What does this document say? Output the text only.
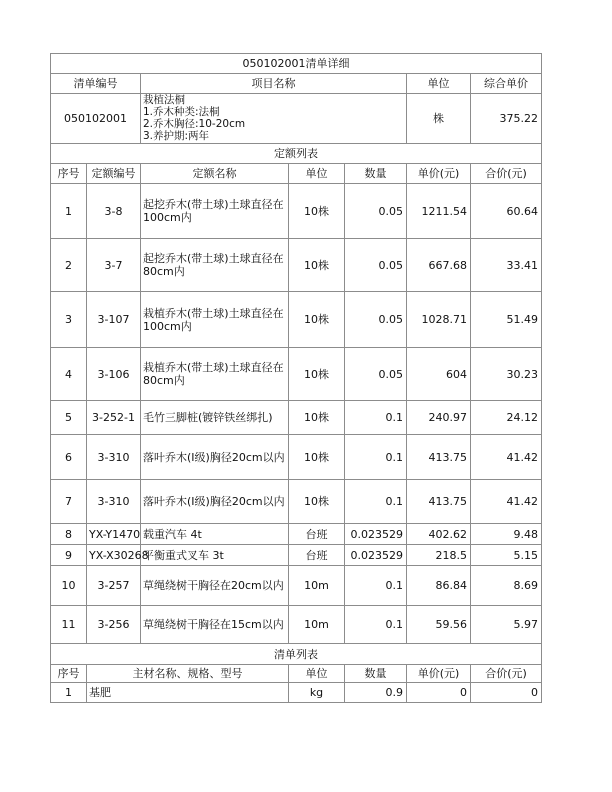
050102001清单详细						
清单编号		项目名称			单位	综合单价
050102001		栽植法桐
1.乔木种类:法桐
2.乔木胸径:10-20cm
3.养护期:两年			株	375.22
定额列表						
序号	定额编号	定额名称	单位	数量	单价(元)	合价(元)
1	3-8	起挖乔木(带土球)土球直径在100cm内	10株	0.05	1211.54	60.64
2	3-7	起挖乔木(带土球)土球直径在80cm内	10株	0.05	667.68	33.41
3	3-107	栽植乔木(带土球)土球直径在100cm内	10株	0.05	1028.71	51.49
4	3-106	栽植乔木(带土球)土球直径在80cm内	10株	0.05	604	30.23
5	3-252-1	毛竹三脚桩(镀锌铁丝绑扎)	10株	0.1	240.97	24.12
6	3-310	落叶乔木(I级)胸径20cm以内	10株	0.1	413.75	41.42
7	3-310	落叶乔木(I级)胸径20cm以内	10株	0.1	413.75	41.42
8	YX-Y1470	载重汽车 4t	台班	0.023529	402.62	9.48
9	YX-X30268	平衡重式叉车 3t	台班	0.023529	218.5	5.15
10	3-257	草绳绕树干胸径在20cm以内	10m	0.1	86.84	8.69
11	3-256	草绳绕树干胸径在15cm以内	10m	0.1	59.56	5.97
清单列表						
序号	主材名称、规格、型号		单位	数量	单价(元)	合价(元)
1	基肥		kg	0.9	0	0
